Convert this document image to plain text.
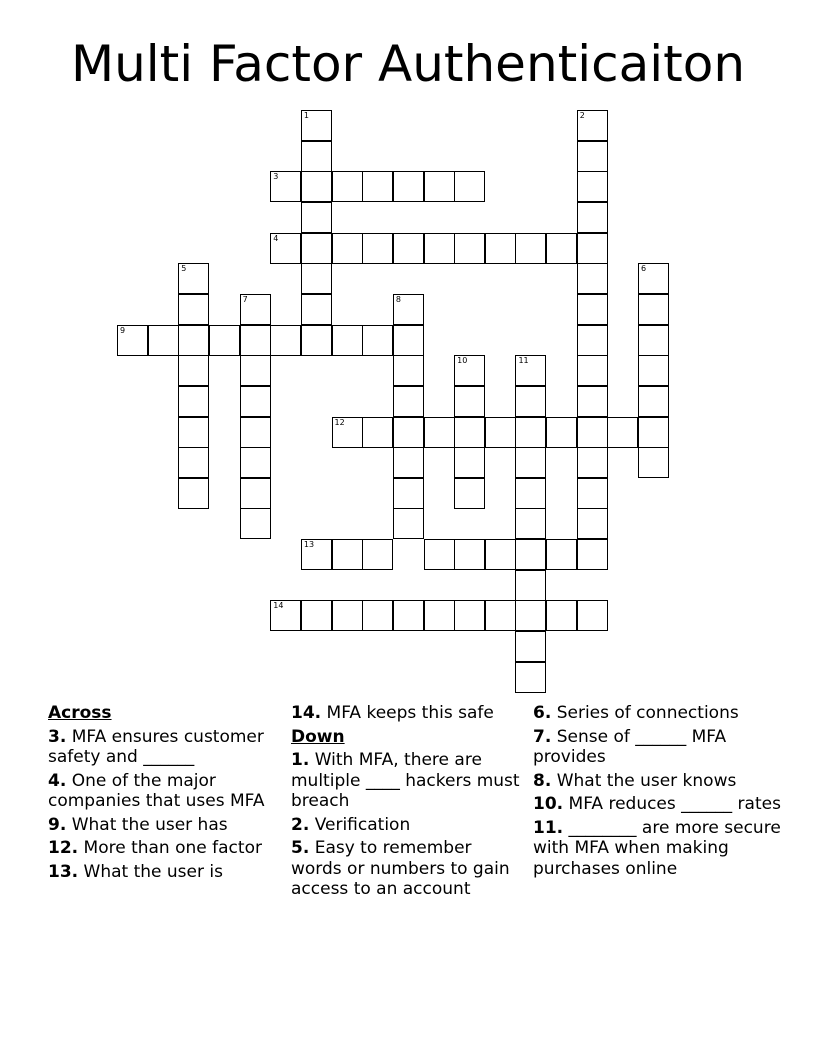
Multi Factor Authenticaiton
1	2
3
4
5	6
7	8
9
10	11
12
13
14
Across
3. MFA ensures customer safety and ______
4. One of the major companies that uses MFA
9. What the user has
12. More than one factor
13. What the user is
14. MFA keeps this safe
Down
1. With MFA, there are multiple ____ hackers must breach
2. Verification
5. Easy to remember words or numbers to gain access to an account
6. Series of connections
7. Sense of ______ MFA provides
8. What the user knows
10. MFA reduces ______ rates
11. ________ are more secure with MFA when making purchases online
